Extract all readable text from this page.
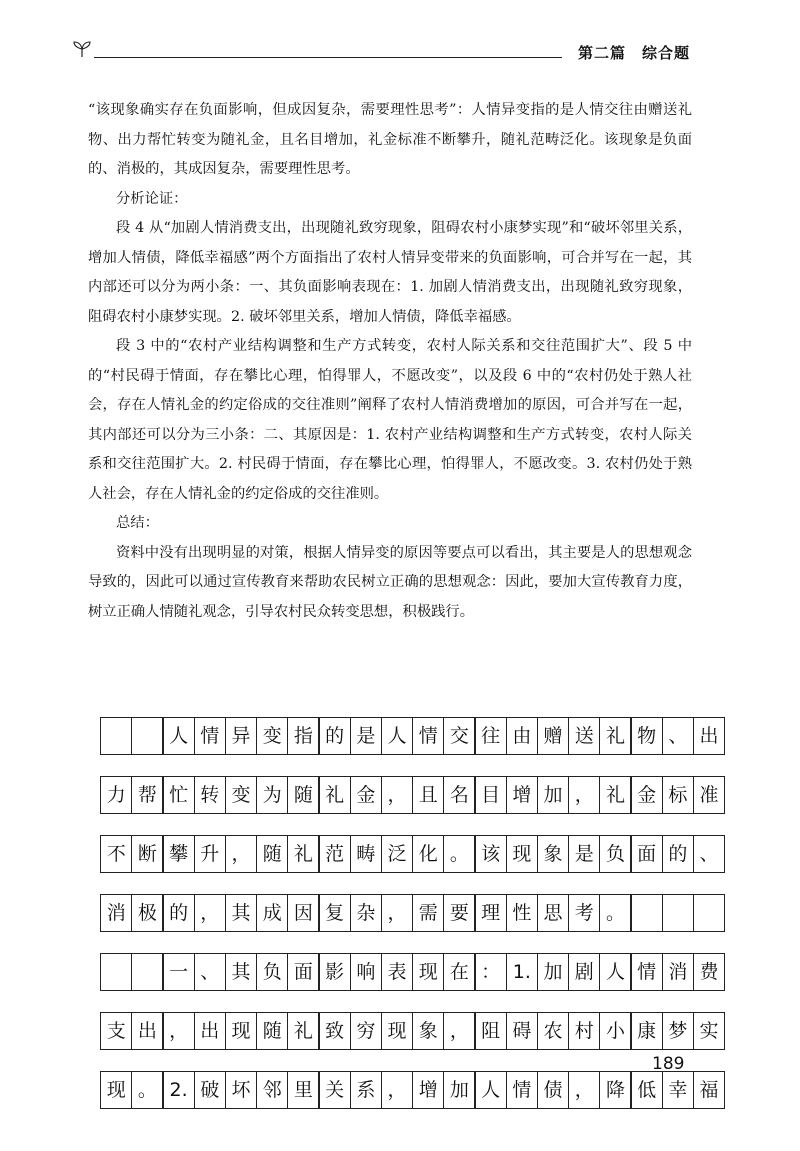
第二篇　综合题

“该现象确实存在负面影响，但成因复杂，需要理性思考”：人情异变指的是人情交往由赠送礼物、出力帮忙转变为随礼金，且名目增加，礼金标准不断攀升，随礼范畴泛化。该现象是负面的、消极的，其成因复杂，需要理性思考。

分析论证：

段 4 从“加剧人情消费支出，出现随礼致穷现象，阻碍农村小康梦实现”和“破坏邻里关系，增加人情债，降低幸福感”两个方面指出了农村人情异变带来的负面影响，可合并写在一起，其内部还可以分为两小条：一、其负面影响表现在：1. 加剧人情消费支出，出现随礼致穷现象，阻碍农村小康梦实现。2. 破坏邻里关系，增加人情债，降低幸福感。

段 3 中的“农村产业结构调整和生产方式转变，农村人际关系和交往范围扩大”、段 5 中的“村民碍于情面，存在攀比心理，怕得罪人，不愿改变”，以及段 6 中的“农村仍处于熟人社会，存在人情礼金的约定俗成的交往准则”阐释了农村人情消费增加的原因，可合并写在一起，其内部还可以分为三小条：二、其原因是：1. 农村产业结构调整和生产方式转变，农村人际关系和交往范围扩大。2. 村民碍于情面，存在攀比心理，怕得罪人，不愿改变。3. 农村仍处于熟人社会，存在人情礼金的约定俗成的交往准则。

总结：

资料中没有出现明显的对策，根据人情异变的原因等要点可以看出，其主要是人的思想观念导致的，因此可以通过宣传教育来帮助农民树立正确的思想观念：因此，要加大宣传教育力度，树立正确人情随礼观念，引导农村民众转变思想，积极践行。

人 情 异 变 指 的 是 人 情 交 往 由 赠 送 礼 物 、 出
力 帮 忙 转 变 为 随 礼 金 ， 且 名 目 增 加 ， 礼 金 标 准
不 断 攀 升 ， 随 礼 范 畴 泛 化 。 该 现 象 是 负 面 的 、
消 极 的 ， 其 成 因 复 杂 ， 需 要 理 性 思 考 。
一 、 其 负 面 影 响 表 现 在 ： 1. 加 剧 人 情 消 费
支 出 ， 出 现 随 礼 致 穷 现 象 ， 阻 碍 农 村 小 康 梦 实
现 。 2. 破 坏 邻 里 关 系 ， 增 加 人 情 债 ， 降 低 幸 福
189
